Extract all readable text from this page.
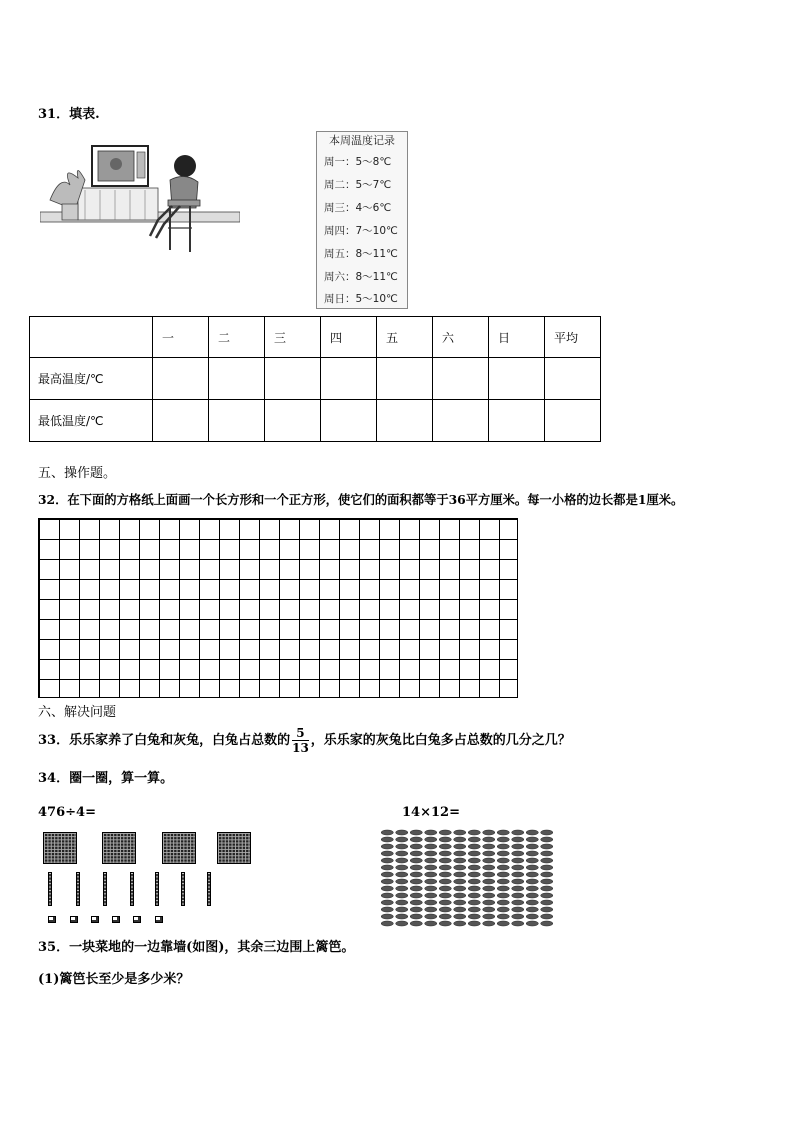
31．填表.
本周温度记录
周一：5～8℃
周二：5～7℃
周三：4～6℃
周四：7～10℃
周五：8～11℃
周六：8～11℃
周日：5～10℃
	一	二	三	四	五	六	日	平均
最高温度/℃								
最低温度/℃								
五、操作题。
32．在下面的方格纸上面画一个长方形和一个正方形，使它们的面积都等于36平方厘米。每一小格的边长都是1厘米。
六、解决问题
33．乐乐家养了白兔和灰兔，白兔占总数的 $\frac{5}{13}$ ，乐乐家的灰兔比白兔多占总数的几分之几？
34．圈一圈，算一算。
476÷4=	14×12=
35．一块菜地的一边靠墙(如图)，其余三边围上篱笆。
(1)篱笆长至少是多少米？
